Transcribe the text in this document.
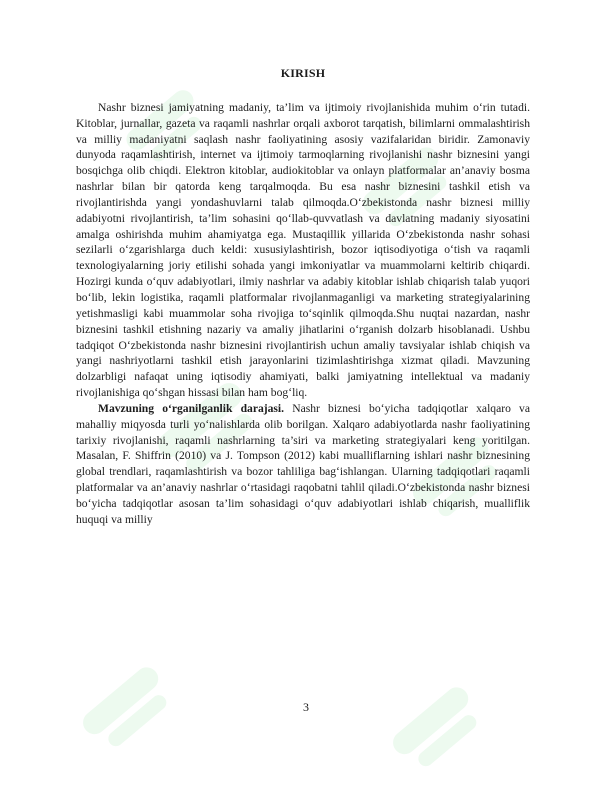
KIRISH

Nashr biznesi jamiyatning madaniy, ta’lim va ijtimoiy rivojlanishida muhim o‘rin tutadi. Kitoblar, jurnallar, gazeta va raqamli nashrlar orqali axborot tarqatish, bilimlarni ommalashtirish va milliy madaniyatni saqlash nashr faoliyatining asosiy vazifalaridan biridir. Zamonaviy dunyoda raqamlashtirish, internet va ijtimoiy tarmoqlarning rivojlanishi nashr biznesini yangi bosqichga olib chiqdi. Elektron kitoblar, audiokitoblar va onlayn platformalar an’anaviy bosma nashrlar bilan bir qatorda keng tarqalmoqda. Bu esa nashr biznesini tashkil etish va rivojlantirishda yangi yondashuvlarni talab qilmoqda.O‘zbekistonda nashr biznesi milliy adabiyotni rivojlantirish, ta’lim sohasini qo‘llab-quvvatlash va davlatning madaniy siyosatini amalga oshirishda muhim ahamiyatga ega. Mustaqillik yillarida O‘zbekistonda nashr sohasi sezilarli o‘zgarishlarga duch keldi: xususiylashtirish, bozor iqtisodiyotiga o‘tish va raqamli texnologiyalarning joriy etilishi sohada yangi imkoniyatlar va muammolarni keltirib chiqardi. Hozirgi kunda o‘quv adabiyotlari, ilmiy nashrlar va adabiy kitoblar ishlab chiqarish talab yuqori bo‘lib, lekin logistika, raqamli platformalar rivojlanmaganligi va marketing strategiyalarining yetishmasligi kabi muammolar soha rivojiga to‘sqinlik qilmoqda.Shu nuqtai nazardan, nashr biznesini tashkil etishning nazariy va amaliy jihatlarini o‘rganish dolzarb hisoblanadi. Ushbu tadqiqot O‘zbekistonda nashr biznesini rivojlantirish uchun amaliy tavsiyalar ishlab chiqish va yangi nashriyotlarni tashkil etish jarayonlarini tizimlashtirishga xizmat qiladi. Mavzuning dolzarbligi nafaqat uning iqtisodiy ahamiyati, balki jamiyatning intellektual va madaniy rivojlanishiga qo‘shgan hissasi bilan ham bog‘liq.

Mavzuning o‘rganilganlik darajasi. Nashr biznesi bo‘yicha tadqiqotlar xalqaro va mahalliy miqyosda turli yo‘nalishlarda olib borilgan. Xalqaro adabiyotlarda nashr faoliyatining tarixiy rivojlanishi, raqamli nashrlarning ta’siri va marketing strategiyalari keng yoritilgan. Masalan, F. Shiffrin (2010) va J. Tompson (2012) kabi mualliflarning ishlari nashr biznesining global trendlari, raqamlashtirish va bozor tahliliga bag‘ishlangan. Ularning tadqiqotlari raqamli platformalar va an’anaviy nashrlar o‘rtasidagi raqobatni tahlil qiladi.O‘zbekistonda nashr biznesi bo‘yicha tadqiqotlar asosan ta’lim sohasidagi o‘quv adabiyotlari ishlab chiqarish, mualliflik huquqi va milliy

3
